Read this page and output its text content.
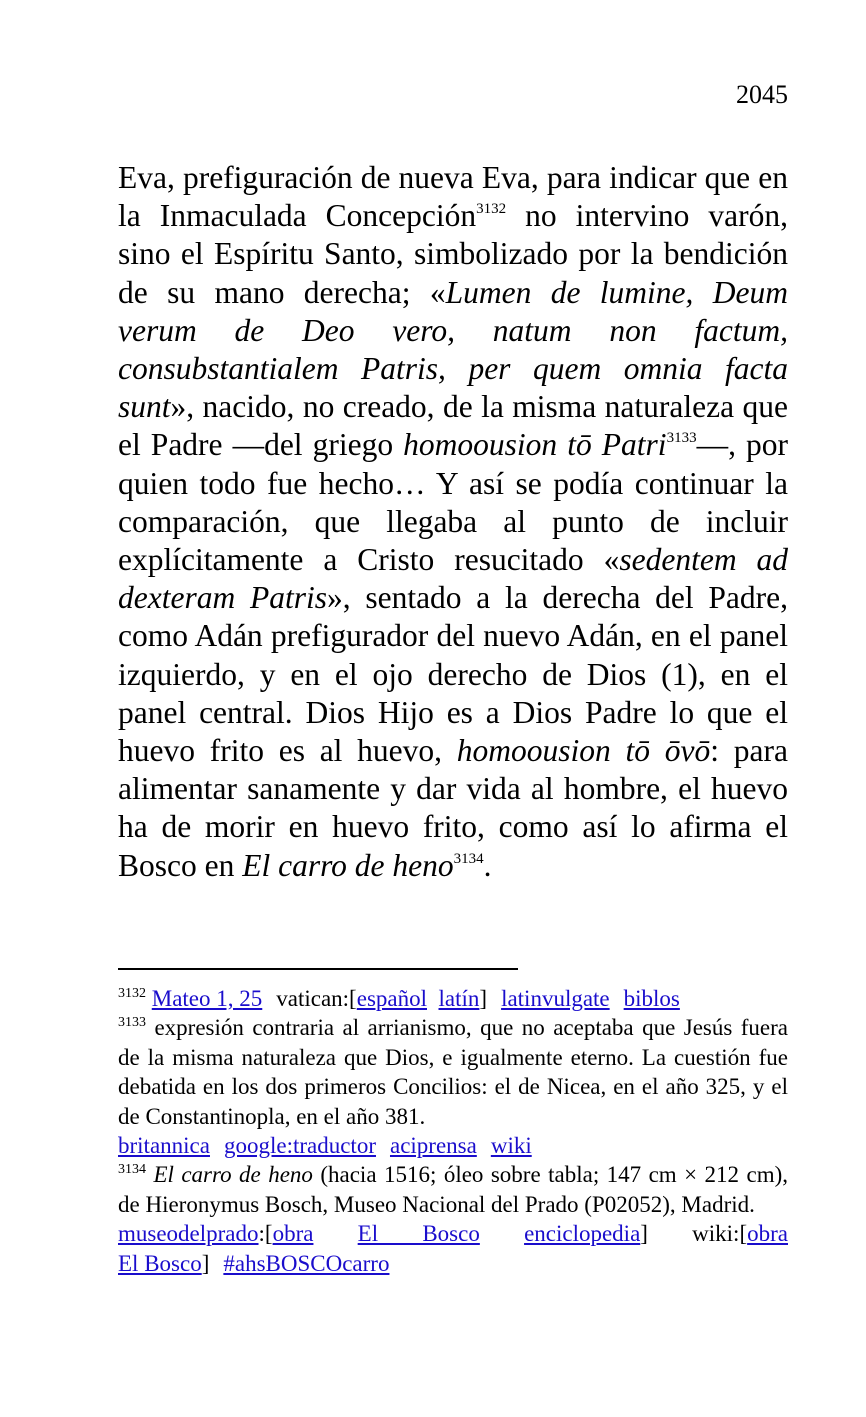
2045
Eva, prefiguración de nueva Eva, para indicar que en la Inmaculada Concepción$^{3132}$ no intervino varón, sino el Espíritu Santo, simbolizado por la bendición de su mano derecha; «Lumen de lumine, Deum verum de Deo vero, natum non factum, consubstantialem Patris, per quem omnia facta sunt», nacido, no creado, de la misma naturaleza que el Padre —del griego homoousion tō Patri$^{3133}$—, por quien todo fue hecho… Y así se podía continuar la comparación, que llegaba al punto de incluir explícitamente a Cristo resucitado «sedentem ad dexteram Patris», sentado a la derecha del Padre, como Adán prefigurador del nuevo Adán, en el panel izquierdo, y en el ojo derecho de Dios (1), en el panel central. Dios Hijo es a Dios Padre lo que el huevo frito es al huevo, homoousion tō ōvō: para alimentar sanamente y dar vida al hombre, el huevo ha de morir en huevo frito, como así lo afirma el Bosco en El carro de heno$^{3134}$.

$^{3132}$ Mateo 1, 25 vatican:[español latín] latinvulgate biblos

$^{3133}$ expresión contraria al arrianismo, que no aceptaba que Jesús fuera de la misma naturaleza que Dios, e igualmente eterno. La cuestión fue debatida en los dos primeros Concilios: el de Nicea, en el año 325, y el de Constantinopla, en el año 381.

britannica google:traductor aciprensa wiki

$^{3134}$ El carro de heno (hacia 1516; óleo sobre tabla; 147 cm × 212 cm), de Hieronymus Bosch, Museo Nacional del Prado (P02052), Madrid.

museodelprado:[obra El Bosco enciclopedia] wiki:[obra

El Bosco] #ahsBOSCOcarro
